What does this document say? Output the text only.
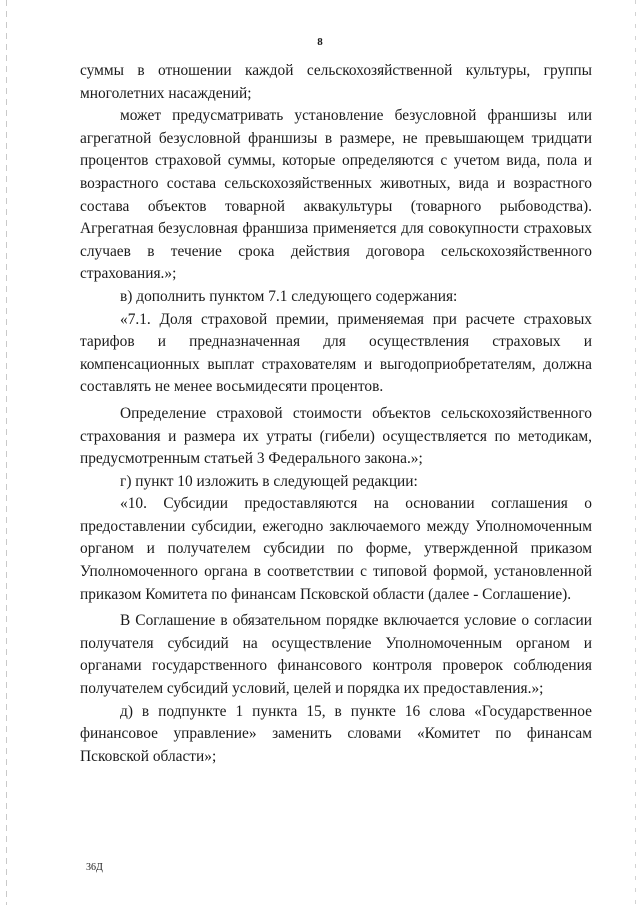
8

суммы в отношении каждой сельскохозяйственной культуры, группы многолетних насаждений;

может предусматривать установление безусловной франшизы или агрегатной безусловной франшизы в размере, не превышающем тридцати процентов страховой суммы, которые определяются с учетом вида, пола и возрастного состава сельскохозяйственных животных, вида и возрастного состава объектов товарной аквакультуры (товарного рыбоводства). Агрегатная безусловная франшиза применяется для совокупности страховых случаев в течение срока действия договора сельскохозяйственного страхования.»;

в) дополнить пунктом 7.1 следующего содержания:

«7.1. Доля страховой премии, применяемая при расчете страховых тарифов и предназначенная для осуществления страховых и компенсационных выплат страхователям и выгодоприобретателям, должна составлять не менее восьмидесяти процентов.

Определение страховой стоимости объектов сельскохозяйственного страхования и размера их утраты (гибели) осуществляется по методикам, предусмотренным статьей 3 Федерального закона.»;

г) пункт 10 изложить в следующей редакции:

«10. Субсидии предоставляются на основании соглашения о предоставлении субсидии, ежегодно заключаемого между Уполномоченным органом и получателем субсидии по форме, утвержденной приказом Уполномоченного органа в соответствии с типовой формой, установленной приказом Комитета по финансам Псковской области (далее - Соглашение).

В Соглашение в обязательном порядке включается условие о согласии получателя субсидий на осуществление Уполномоченным органом и органами государственного финансового контроля проверок соблюдения получателем субсидий условий, целей и порядка их предоставления.»;

д) в подпункте 1 пункта 15, в пункте 16 слова «Государственное финансовое управление» заменить словами «Комитет по финансам Псковской области»;

36Д
